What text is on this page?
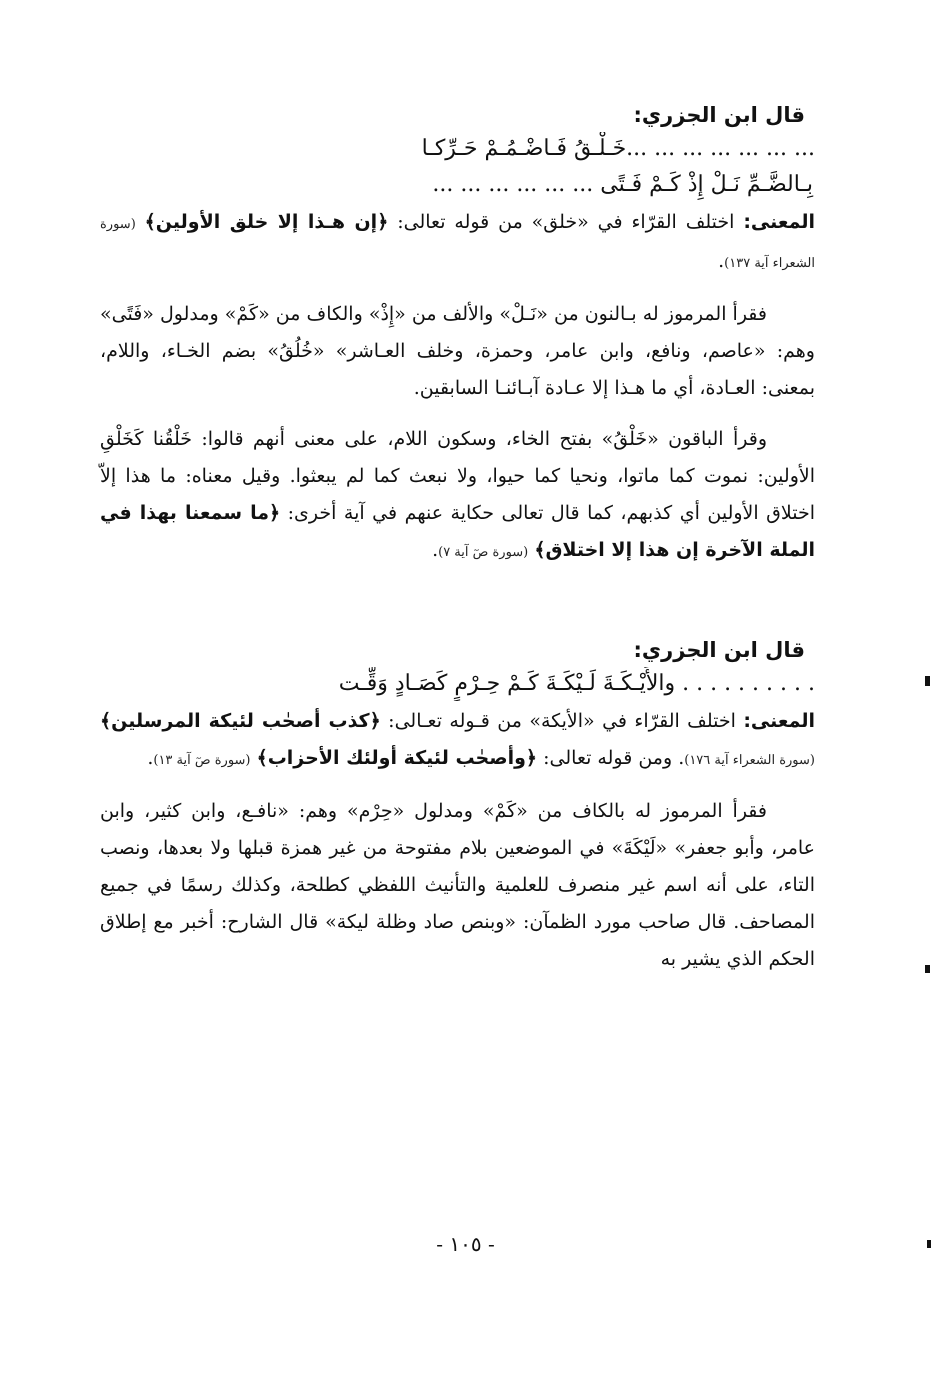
قال ابن الجزري:
... ... ... ... ... ... ...خَـلْـقُ فَـاضْـمُـمْ حَـرِّكـا
بِـالضَّـمِّ نَـلْ إِذْ كَـمْ فَـتًى ... ... ... ... ... ...

المعنى: اختلف القرّاء في «خلق» من قوله تعالى: ﴿إن هـذا إلا خلق الأولين﴾ (سورة الشعراء آية ١٣٧).

فقرأ المرموز له بـالنون من «نَـلْ» والألف من «إِذْ» والكاف من «كَمْ» ومدلول «فَتًى» وهم: «عاصم، ونافع، وابن عامر، وحمزة، وخلف العـاشر» «خُلُقُ» بضم الخـاء، واللام، بمعنى: العـادة، أي ما هـذا إلا عـادة آبـائنـا السابقين.

وقرأ الباقون «خَلْقُ» بفتح الخاء، وسكون اللام، على معنى أنهم قالوا: خَلْقُنا كَخَلْقِ الأولين: نموت كما ماتوا، ونحيا كما حيوا، ولا نبعث كما لم يبعثوا. وقيل معناه: ما هذا إلاّ اختلاق الأولين أي كذبهم، كما قال تعالى حكاية عنهم في آية أخرى: ﴿ما سمعنا بهذا في الملة الآخرة إن هذا إلا اختلاق﴾ (سورة صٓ آية ٧).

قال ابن الجزري:
. . . . . . . . . . والأَيْـكَـةَ لَـيْكَـةَ كَـمْ حِـرْمٍ كَصَـادٍ وَقِّـت

المعنى: اختلف القرّاء في «الأيكة» من قـوله تعـالى: ﴿كذب أصحٰب لئيكة المرسلين﴾ (سورة الشعراء آية ١٧٦). ومن قوله تعالى: ﴿وأصحٰب لئيكة أولئك الأحزاب﴾ (سورة صٓ آية ١٣).

فقرأ المرموز له بالكاف من «كَمْ» ومدلول «حِرْم» وهم: «نافـع، وابن كثير، وابن عامر، وأبو جعفر» «لَيْكَةَ» في الموضعين بلام مفتوحة من غير همزة قبلها ولا بعدها، ونصب التاء، على أنه اسم غير منصرف للعلمية والتأنيث اللفظي كطلحة، وكذلك رسمًا في جميع المصاحف. قال صاحب مورد الظمآن: «وبنص صاد وظلة ليكة» قال الشارح: أخبر مع إطلاق الحكم الذي يشير به

- ١٠٥ -
